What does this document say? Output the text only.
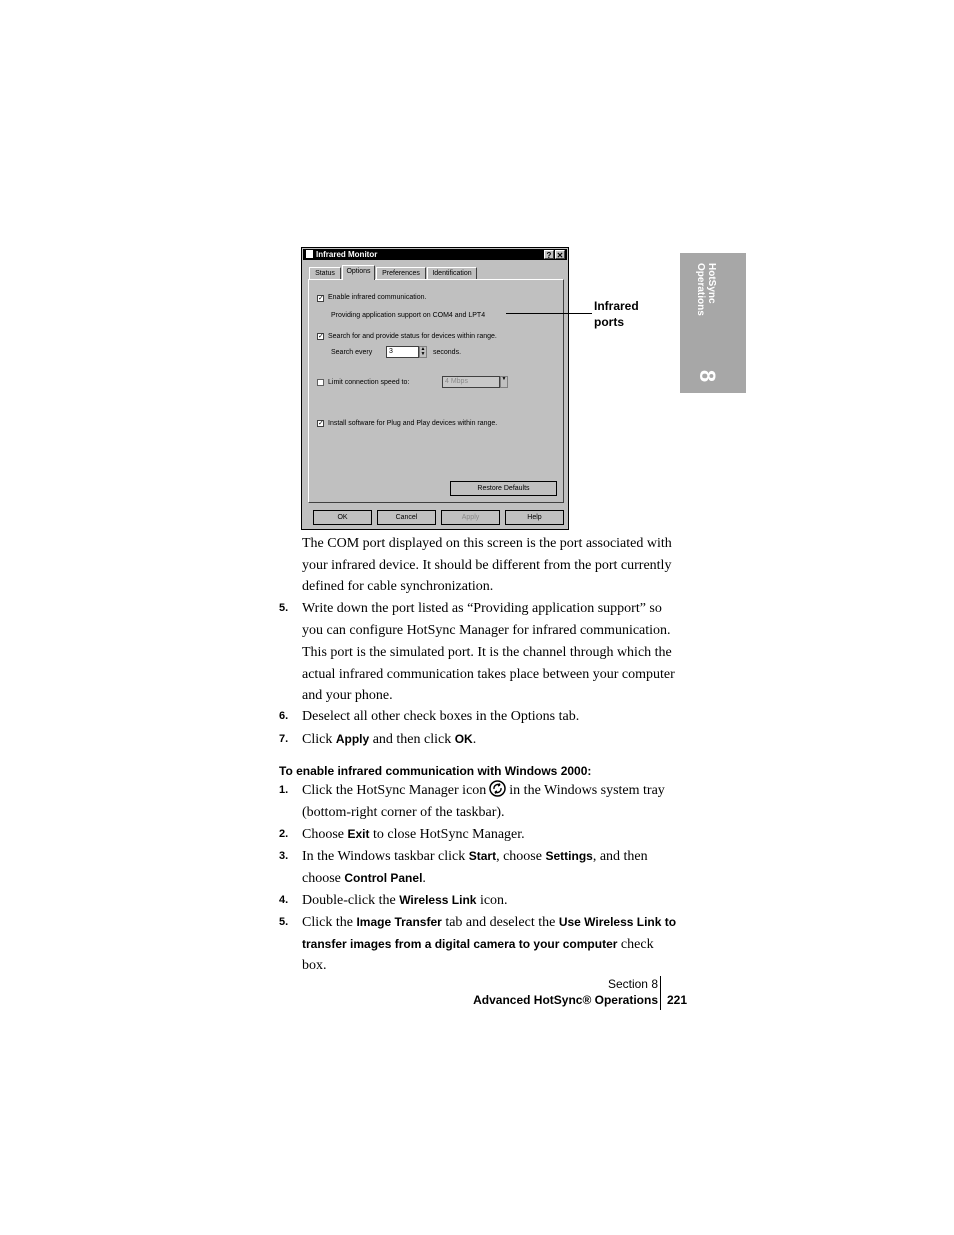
HotSync
Operations
8
Infrared Monitor	? ✕
Status	Options	Preferences	Identification
✓ Enable infrared communication.
Providing application support on COM4 and LPT4
✓ Search for and provide status for devices within range.
Search every	3	▲
▼ seconds.
Limit connection speed to:	4 Mbps	▼
✓ Install software for Plug and Play devices within range.
Restore Defaults
OK	Cancel	Apply	Help
Infrared
ports
The COM port displayed on this screen is the port associated with your infrared device. It should be different from the port currently defined for cable synchronization.
5. Write down the port listed as “Providing application support” so you can configure HotSync Manager for infrared communication.
This port is the simulated port. It is the channel through which the actual infrared communication takes place between your computer and your phone.
6. Deselect all other check boxes in the Options tab.
7. Click Apply and then click OK.
To enable infrared communication with Windows 2000:
1. Click the HotSync Manager icon in the Windows system tray (bottom-right corner of the taskbar).
2. Choose Exit to close HotSync Manager.
3. In the Windows taskbar click Start, choose Settings, and then choose Control Panel.
4. Double-click the Wireless Link icon.
5. Click the Image Transfer tab and deselect the Use Wireless Link to transfer images from a digital camera to your computer check box.
Section 8
Advanced HotSync® Operations 221
